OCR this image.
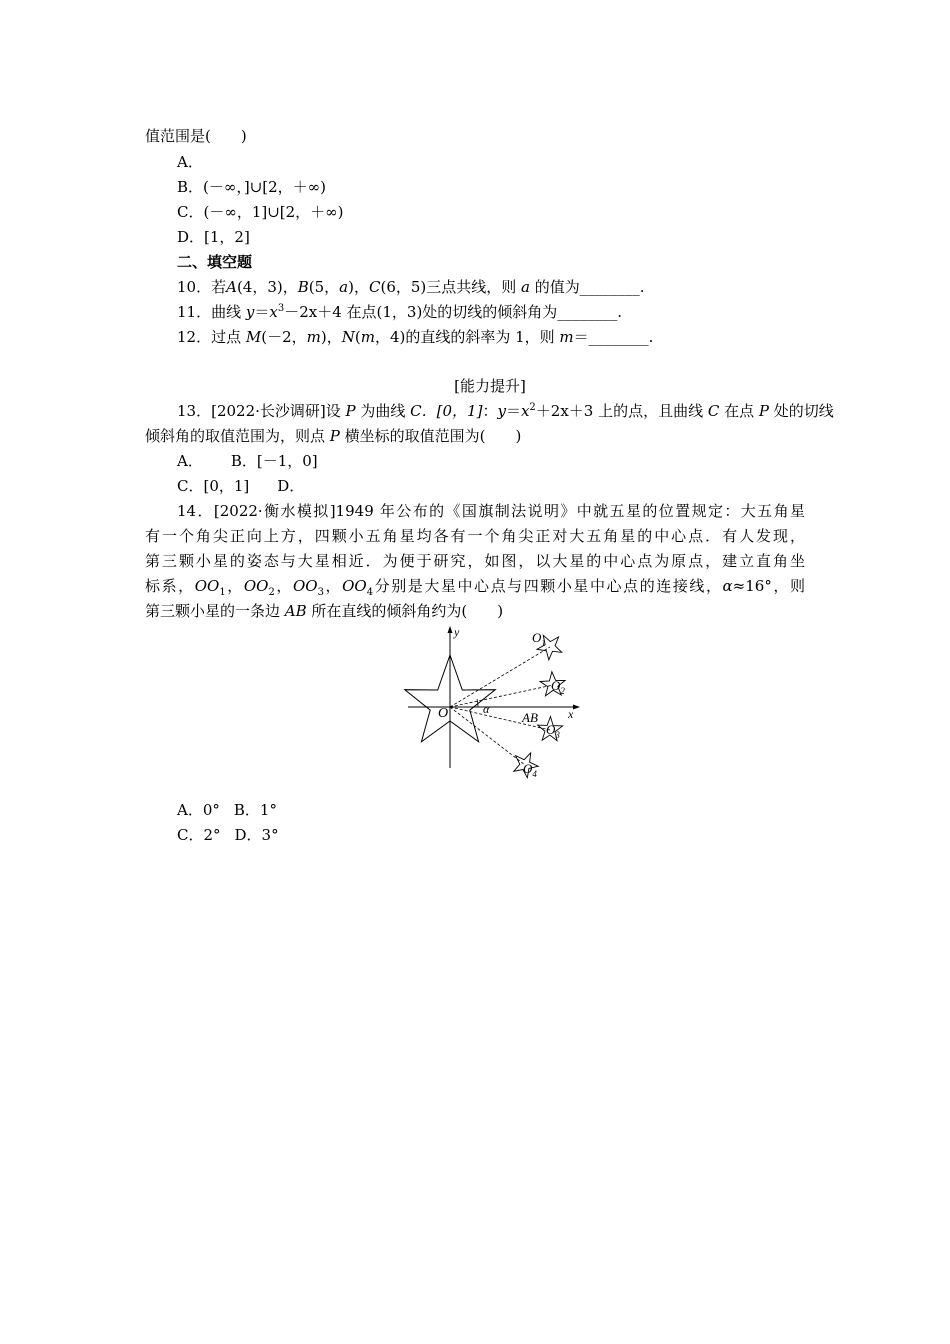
值范围是(　　)
A．
B．(－∞，]∪[2，＋∞)
C．(－∞，1]∪[2，＋∞)
D．[1，2]
二、填空题
10．若A(4，3)，B(5，a)，C(6，5)三点共线，则 a 的值为________.
11．曲线 $y=x^3-2x+4$ 在点(1，3)处的切线的倾斜角为________.
12．过点 M(－2，m)，N(m，4)的直线的斜率为 1，则 m＝________.
[能力提升]
13．[2022·长沙调研]设 P 为曲线 C．[0，1]：$y=x^2+2x+3$ 上的点，且曲线 C 在点 P 处的切线
倾斜角的取值范围为，则点 P 横坐标的取值范围为(　　)
A． B．[－1，0]
C．[0，1] D．
14．[2022·衡水模拟]1949 年公布的《国旗制法说明》中就五星的位置规定：大五角星
有一个角尖正向上方，四颗小五角星均各有一个角尖正对大五角星的中心点．有人发现，
第三颗小星的姿态与大星相近．为便于研究，如图，以大星的中心点为原点，建立直角坐
标系，$OO_1$，$OO_2$，$OO_3$，$OO_4$分别是大星中心点与四颗小星中心点的连接线，α≈16°，则
第三颗小星的一条边 AB 所在直线的倾斜角约为(　　)
y
x
O	α
AB
$O_1$
$O_2$
$O_3$
$O_4$
A．0° B．1°
C．2° D．3°
